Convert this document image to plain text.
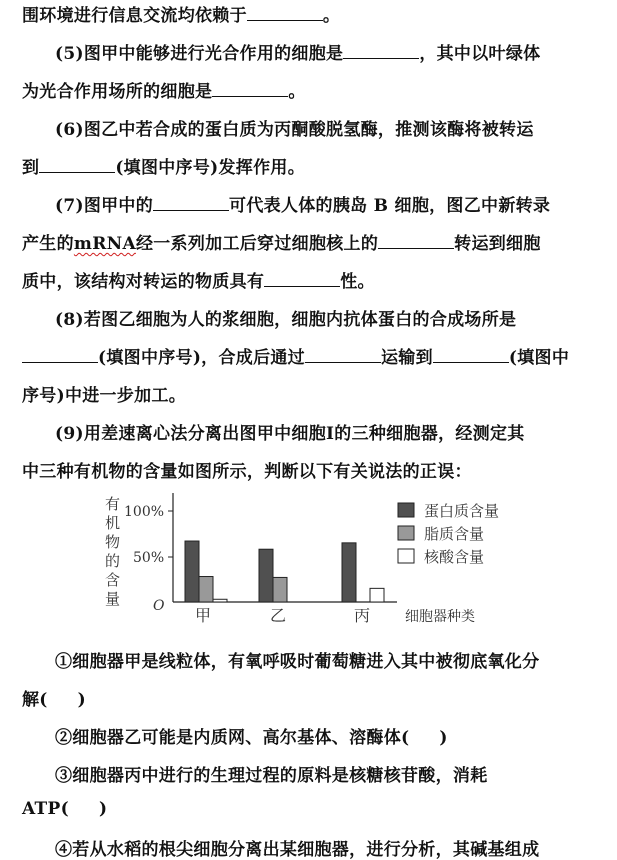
围环境进行信息交流均依赖于	。
(5)图甲中能够进行光合作用的细胞是	，其中以叶绿体
为光合作用场所的细胞是	。
(6)图乙中若合成的蛋白质为丙酮酸脱氢酶，推测该酶将被转运
到	(填图中序号)发挥作用。
(7)图甲中的	可代表人体的胰岛 B 细胞，图乙中新转录
产生的mRNA经一系列加工后穿过细胞核上的	转运到细胞
质中，该结构对转运的物质具有	性。
(8)若图乙细胞为人的浆细胞，细胞内抗体蛋白的合成场所是
(填图中序号)，合成后通过	运输到	(填图中
序号)中进一步加工。
(9)用差速离心法分离出图甲中细胞Ⅰ的三种细胞器，经测定其
中三种有机物的含量如图所示，判断以下有关说法的正误：
有机物的含量
100%
50%
O
细胞器种类
甲	乙	丙
蛋白质含量
脂质含量
核酸含量
①细胞器甲是线粒体，有氧呼吸时葡萄糖进入其中被彻底氧化分
解( )
②细胞器乙可能是内质网、高尔基体、溶酶体( )
③细胞器丙中进行的生理过程的原料是核糖核苷酸，消耗
ATP( )
④若从水稻的根尖细胞分离出某细胞器，进行分析，其碱基组成
